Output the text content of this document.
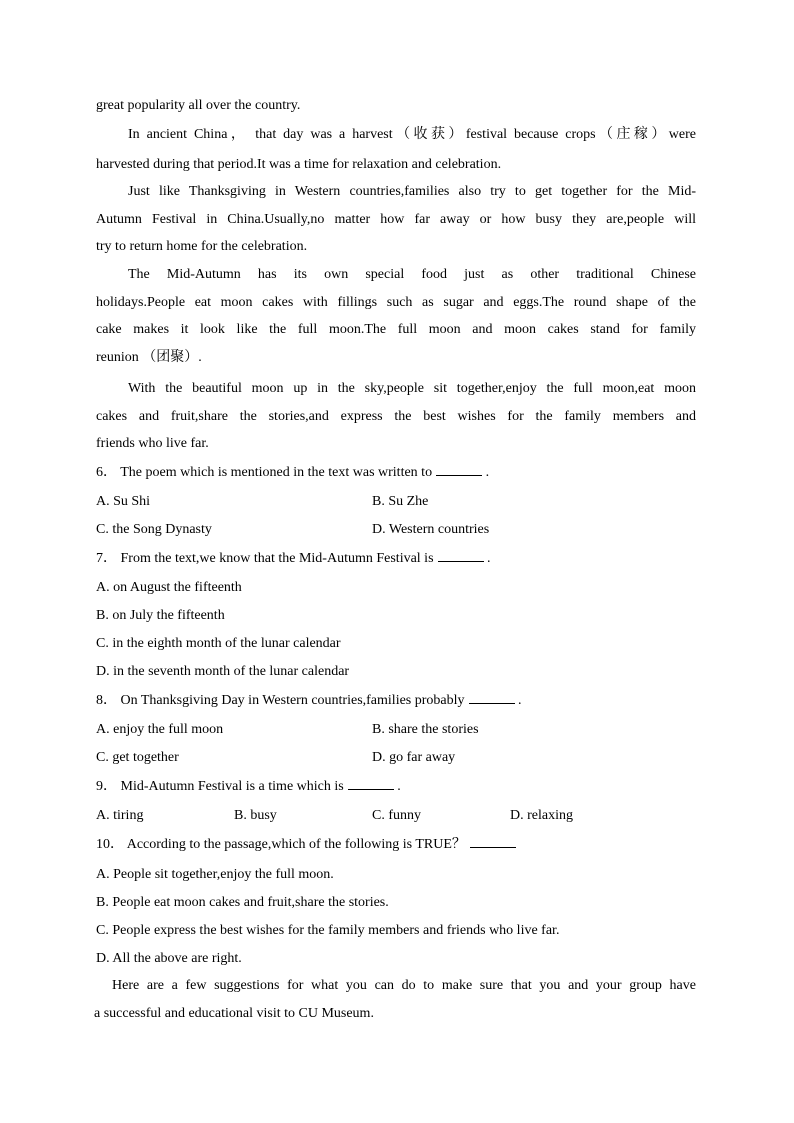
great popularity all over the country.
In ancient China， that day was a harvest（收获）festival because crops（庄稼）were
harvested during that period.It was a time for relaxation and celebration.
Just like Thanksgiving in Western countries,families also try to get together for the Mid-
Autumn Festival in China.Usually,no matter how far away or how busy they are,people will
try to return home for the celebration.
The Mid-Autumn has its own special food just as other traditional Chinese
holidays.People eat moon cakes with fillings such as sugar and eggs.The round shape of the
cake makes it look like the full moon.The full moon and moon cakes stand for family
reunion （团聚）.
With the beautiful moon up in the sky,people sit together,enjoy the full moon,eat moon
cakes and fruit,share the stories,and express the best wishes for the family members and
friends who live far.
6． The poem which is mentioned in the text was written to	.
A. Su Shi	B. Su Zhe
C. the Song Dynasty	D. Western countries
7． From the text,we know that the Mid-Autumn Festival is	.
A. on August the fifteenth
B. on July the fifteenth
C. in the eighth month of the lunar calendar
D. in the seventh month of the lunar calendar
8． On Thanksgiving Day in Western countries,families probably	.
A. enjoy the full moon	B. share the stories
C. get together	D. go far away
9． Mid-Autumn Festival is a time which is	.
A. tiring	B. busy	C. funny	D. relaxing
10． According to the passage,which of the following is TRUE？
A. People sit together,enjoy the full moon.
B. People eat moon cakes and fruit,share the stories.
C. People express the best wishes for the family members and friends who live far.
D. All the above are right.
Here are a few suggestions for what you can do to make sure that you and your group have
a successful and educational visit to CU Museum.
